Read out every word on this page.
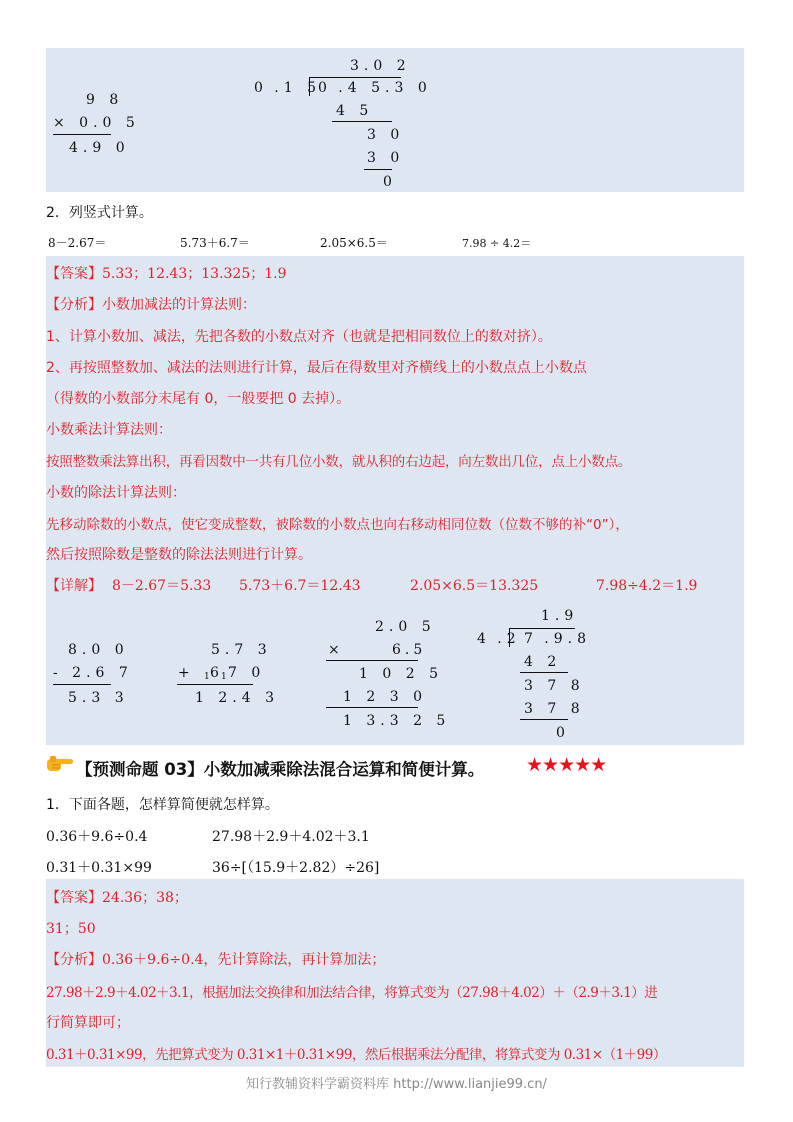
3.0 2
0 .1 5
0 .4 5.3 0
4 5
3 0
3 0
0
9 8
× 0.0 5
4.9 0
2．列竖式计算。
8－2.67＝	5.73＋6.7＝	2.05×6.5＝	7.98 ÷ 4.2＝
【答案】5.33；12.43；13.325；1.9
【分析】小数加减法的计算法则：
1、计算小数加、减法，先把各数的小数点对齐（也就是把相同数位上的数对挤）。
2、再按照整数加、减法的法则进行计算，最后在得数里对齐横线上的小数点点上小数点
（得数的小数部分末尾有 0，一般要把 0 去掉）。
小数乘法计算法则：
按照整数乘法算出积，再看因数中一共有几位小数，就从积的右边起，向左数出几位，点上小数点。
小数的除法计算法则：
先移动除数的小数点，使它变成整数，被除数的小数点也向右移动相同位数（位数不够的补“0”），
然后按照除数是整数的除法法则进行计算。
【详解】 8－2.67＝5.33 5.73＋6.7＝12.43	2.05×6.5＝13.325	7.98÷4.2＝1.9
8.0 0
- 2.6 7
5.3 3
5.7 3
+ 1 6 1 7 0
1 2.4 3
2.0 5
×	6.5
1 0 2 5
1 2 3 0
1 3.3 2 5
1.9
4 .2 7 .9.8
4 2
3 7 8
3 7 8
0
【预测命题 03】小数加减乘除法混合运算和简便计算。 ★★★★★
1．下面各题，怎样算简便就怎样算。
0.36＋9.6÷0.4	27.98＋2.9＋4.02＋3.1
0.31＋0.31×99	36÷[（15.9＋2.82）÷26]
【答案】24.36；38；
31；50
【分析】0.36＋9.6÷0.4，先计算除法，再计算加法；
27.98＋2.9＋4.02＋3.1，根据加法交换律和加法结合律，将算式变为（27.98＋4.02）＋（2.9＋3.1）进
行简算即可；
0.31＋0.31×99，先把算式变为 0.31×1＋0.31×99，然后根据乘法分配律，将算式变为 0.31×（1＋99）
知行教辅资料学霸资料库 http://www.lianjie99.cn/
